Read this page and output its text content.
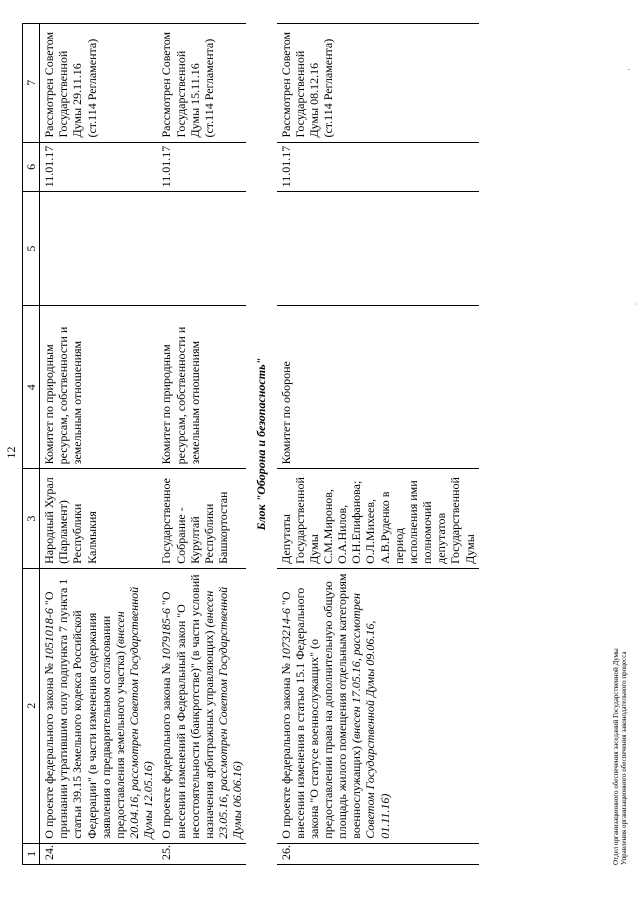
12
1	2	3	4	5	6	7
24.	О проекте федерального закона № 1051018-6 "О признании утратившим силу подпункта 7 пункта 1 статьи 39.15 Земельного кодекса Российской Федерации" (в части изменения содержания заявления о предварительном согласовании предоставления земельного участка) (внесен 20.04.16, рассмотрен Советом Государственной Думы 12.05.16)	Народный Хурал (Парламент) Республики Калмыкия	Комитет по природным ресурсам, собственности и земельным отношениям		11.01.17	Рассмотрен Советом Государственной Думы 29.11.16 (ст.114 Регламента)
25.	О проекте федерального закона № 1079185-6 "О внесении изменений в Федеральный закон "О несостоятельности (банкротстве)" (в части условий назначения арбитражных управляющих) (внесен 23.05.16, рассмотрен Советом Государственной Думы 06.06.16)	Государственное Собрание - Курултай Республики Башкортостан	Комитет по природным ресурсам, собственности и земельным отношениям		11.01.17	Рассмотрен Советом Государственной Думы 15.11.16 (ст.114 Регламента)
Блок "Оборона и безопасность"						
26.	О проекте федерального закона № 1073214-6 "О внесении изменения в статью 15.1 Федерального закона "О статусе военнослужащих" (о предоставлении права на дополнительную общую площадь жилого помещения отдельным категориям военнослужащих) (внесен 17.05.16, рассмотрен Советом Государственной Думы 09.06.16, 01.11.16)	Депутаты Государственной Думы С.М.Миронов, О.А.Нилов, О.Н.Епифанова; О.Л.Михеев, А.В.Руденко в период исполнения ими полномочий депутатов Государственной Думы	Комитет по обороне		11.01.17	Рассмотрен Советом Государственной Думы 08.12.16 (ст.114 Регламента)
Отдел организационного обеспечения заседаний Государственной Думы Управления организационного обеспечения законодательного процесса
'
·
